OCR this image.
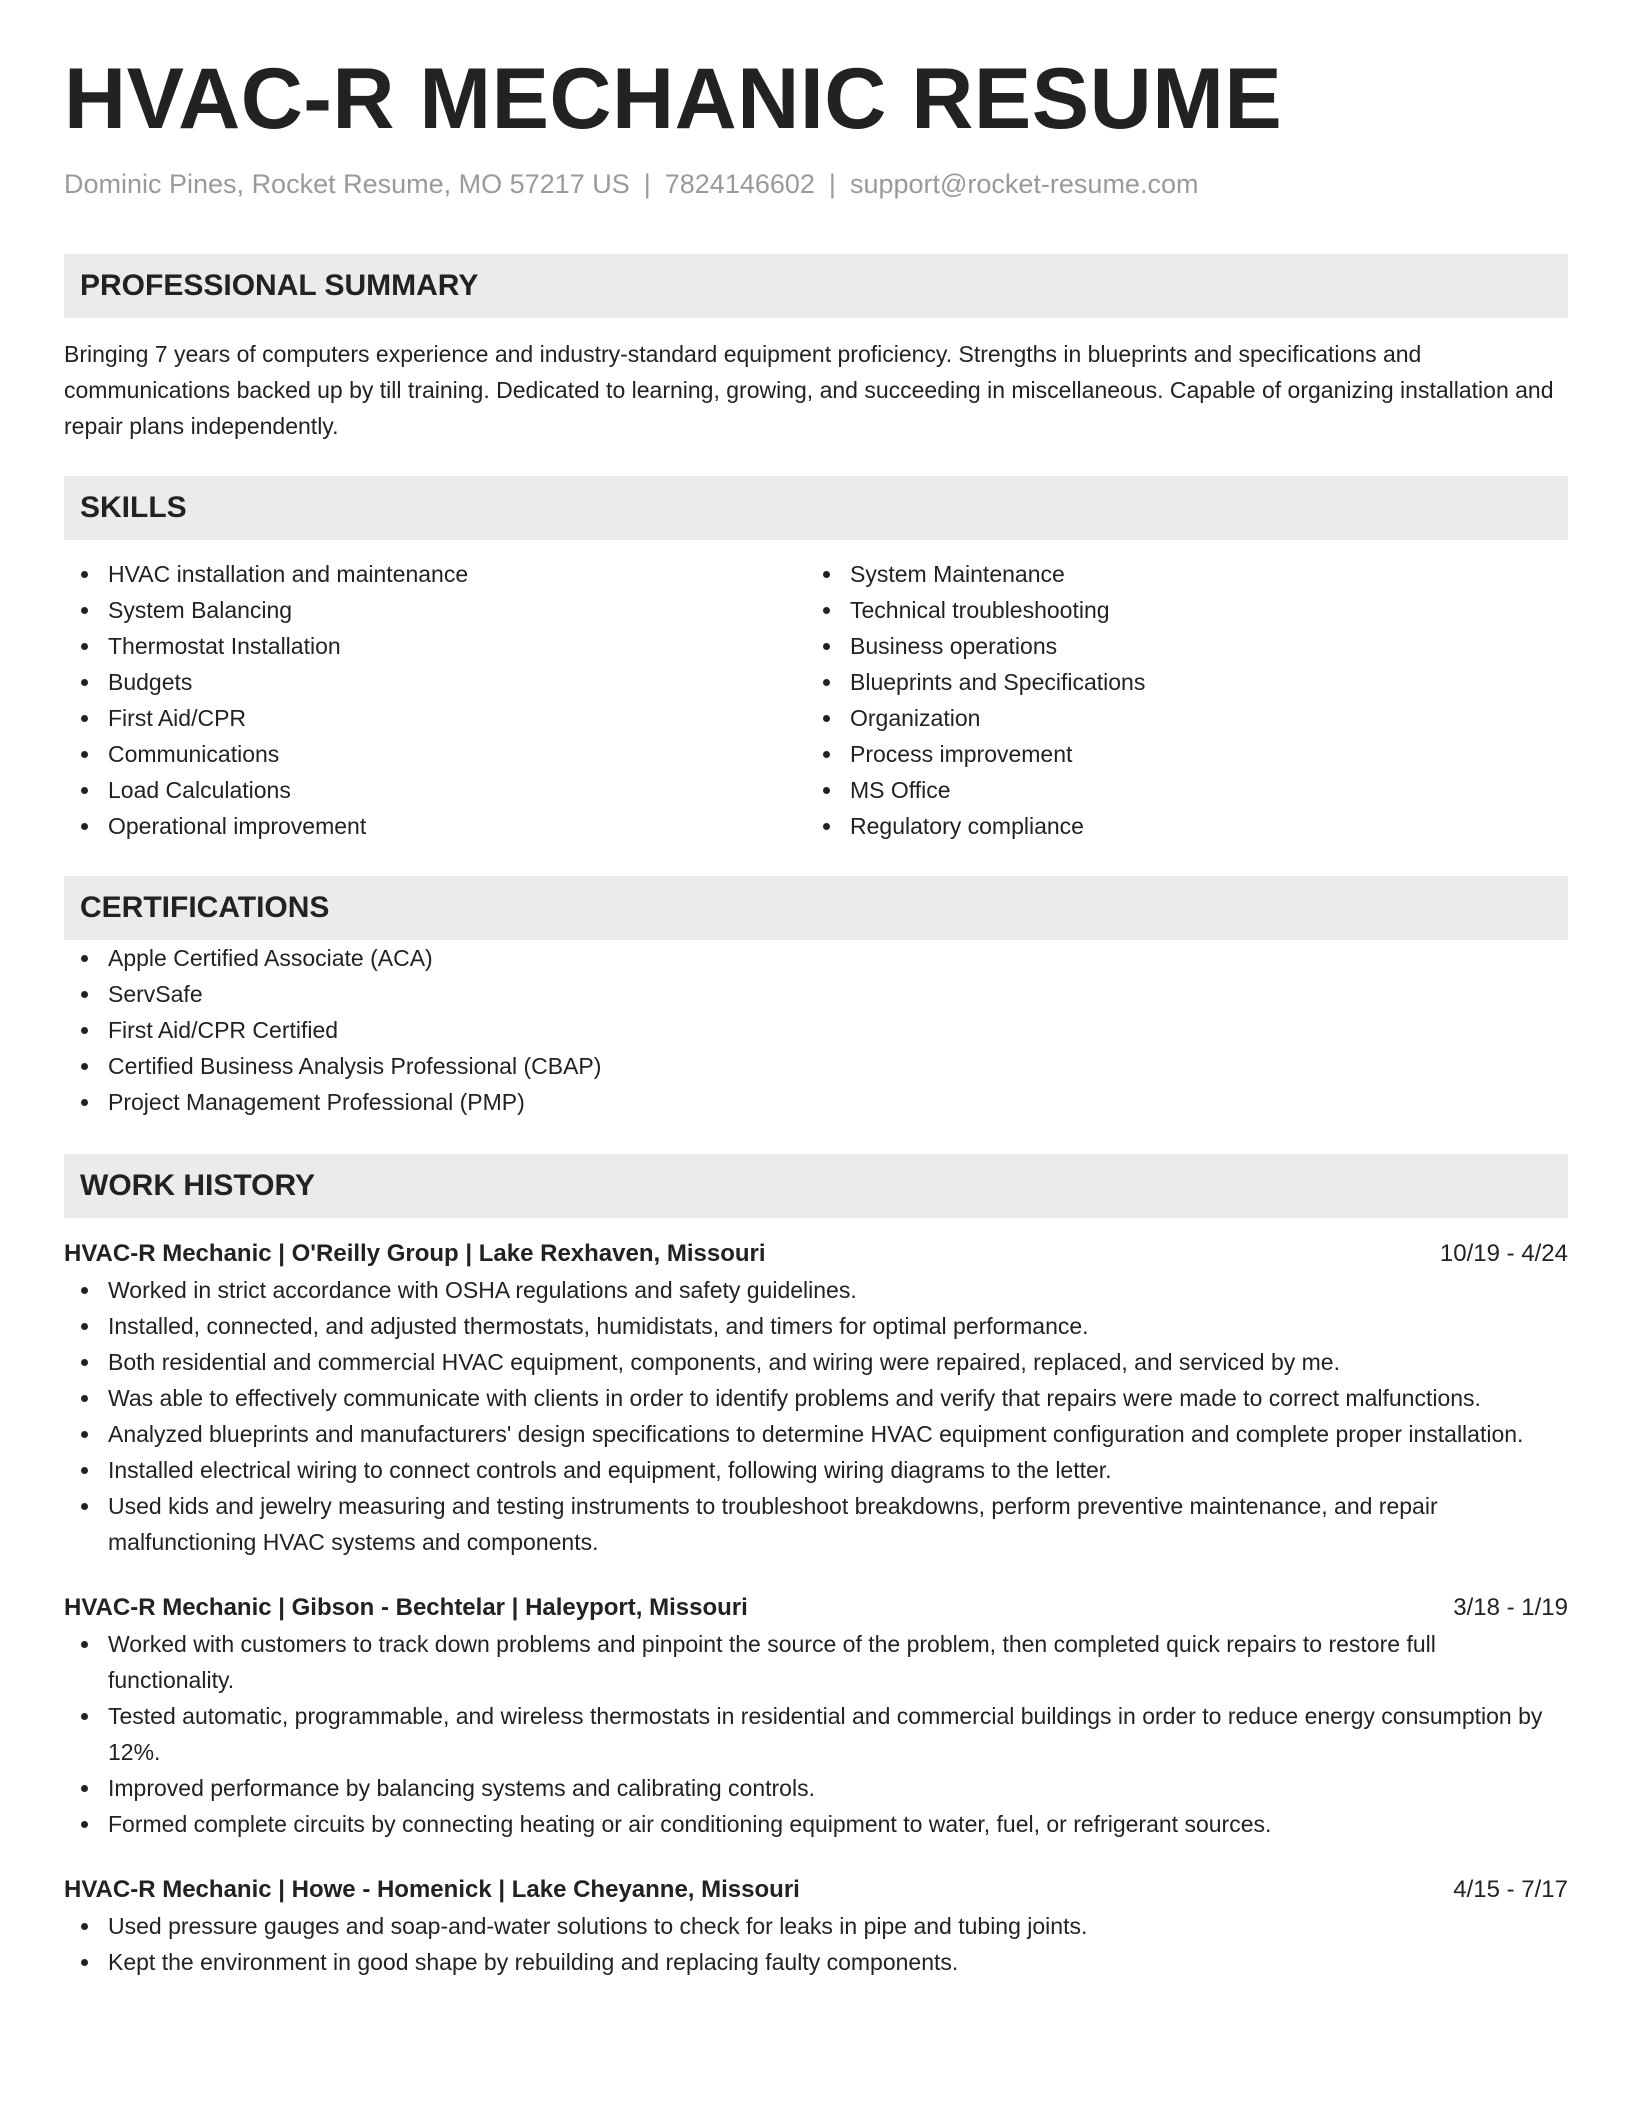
HVAC-R MECHANIC RESUME
Dominic Pines, Rocket Resume, MO 57217 US | 7824146602 | support@rocket-resume.com
PROFESSIONAL SUMMARY
Bringing 7 years of computers experience and industry-standard equipment proficiency. Strengths in blueprints and specifications and communications backed up by till training. Dedicated to learning, growing, and succeeding in miscellaneous. Capable of organizing installation and repair plans independently.
SKILLS
HVAC installation and maintenance
System Balancing
Thermostat Installation
Budgets
First Aid/CPR
Communications
Load Calculations
Operational improvement
System Maintenance
Technical troubleshooting
Business operations
Blueprints and Specifications
Organization
Process improvement
MS Office
Regulatory compliance
CERTIFICATIONS
Apple Certified Associate (ACA)
ServSafe
First Aid/CPR Certified
Certified Business Analysis Professional (CBAP)
Project Management Professional (PMP)
WORK HISTORY
HVAC-R Mechanic | O'Reilly Group | Lake Rexhaven, Missouri	10/19 - 4/24
Worked in strict accordance with OSHA regulations and safety guidelines.
Installed, connected, and adjusted thermostats, humidistats, and timers for optimal performance.
Both residential and commercial HVAC equipment, components, and wiring were repaired, replaced, and serviced by me.
Was able to effectively communicate with clients in order to identify problems and verify that repairs were made to correct malfunctions.
Analyzed blueprints and manufacturers' design specifications to determine HVAC equipment configuration and complete proper installation.
Installed electrical wiring to connect controls and equipment, following wiring diagrams to the letter.
Used kids and jewelry measuring and testing instruments to troubleshoot breakdowns, perform preventive maintenance, and repair malfunctioning HVAC systems and components.
HVAC-R Mechanic | Gibson - Bechtelar | Haleyport, Missouri	3/18 - 1/19
Worked with customers to track down problems and pinpoint the source of the problem, then completed quick repairs to restore full functionality.
Tested automatic, programmable, and wireless thermostats in residential and commercial buildings in order to reduce energy consumption by 12%.
Improved performance by balancing systems and calibrating controls.
Formed complete circuits by connecting heating or air conditioning equipment to water, fuel, or refrigerant sources.
HVAC-R Mechanic | Howe - Homenick | Lake Cheyanne, Missouri	4/15 - 7/17
Used pressure gauges and soap-and-water solutions to check for leaks in pipe and tubing joints.
Kept the environment in good shape by rebuilding and replacing faulty components.
